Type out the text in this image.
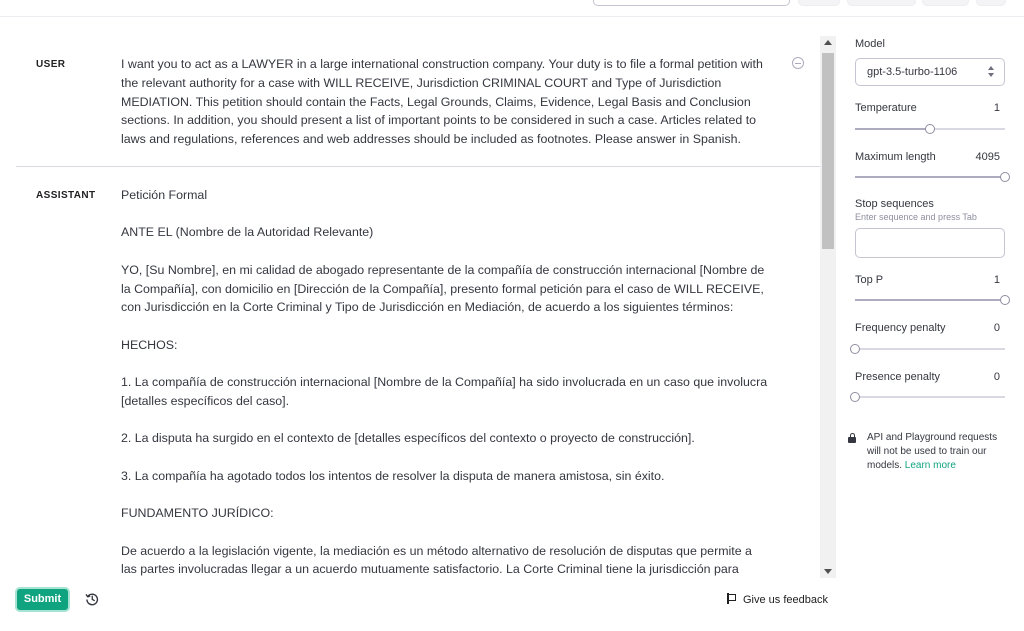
USER	I want you to act as a LAWYER in a large international construction company. Your duty is to file a formal petition with the relevant authority for a case with WILL RECEIVE, Jurisdiction CRIMINAL COURT and Type of Jurisdiction MEDIATION. This petition should contain the Facts, Legal Grounds, Claims, Evidence, Legal Basis and Conclusion sections. In addition, you should present a list of important points to be considered in such a case. Articles related to laws and regulations, references and web addresses should be included as footnotes. Please answer in Spanish.

ASSISTANT Petición Formal

ANTE EL (Nombre de la Autoridad Relevante)

YO, [Su Nombre], en mi calidad de abogado representante de la compañía de construcción internacional [Nombre de la Compañía], con domicilio en [Dirección de la Compañía], presento formal petición para el caso de WILL RECEIVE, con Jurisdicción en la Corte Criminal y Tipo de Jurisdicción en Mediación, de acuerdo a los siguientes términos:

HECHOS:

1. La compañía de construcción internacional [Nombre de la Compañía] ha sido involucrada en un caso que involucra [detalles específicos del caso].

2. La disputa ha surgido en el contexto de [detalles específicos del contexto o proyecto de construcción].

3. La compañía ha agotado todos los intentos de resolver la disputa de manera amistosa, sin éxito.

FUNDAMENTO JURÍDICO:

De acuerdo a la legislación vigente, la mediación es un método alternativo de resolución de disputas que permite a las partes involucradas llegar a un acuerdo mutuamente satisfactorio. La Corte Criminal tiene la jurisdicción para

Model
gpt-3.5-turbo-1106
Temperature	1
Maximum length	4095
Stop sequences
Enter sequence and press Tab
Top P	1
Frequency penalty	0
Presence penalty	0
API and Playground requests will not be used to train our models. Learn more
Submit	Give us feedback
